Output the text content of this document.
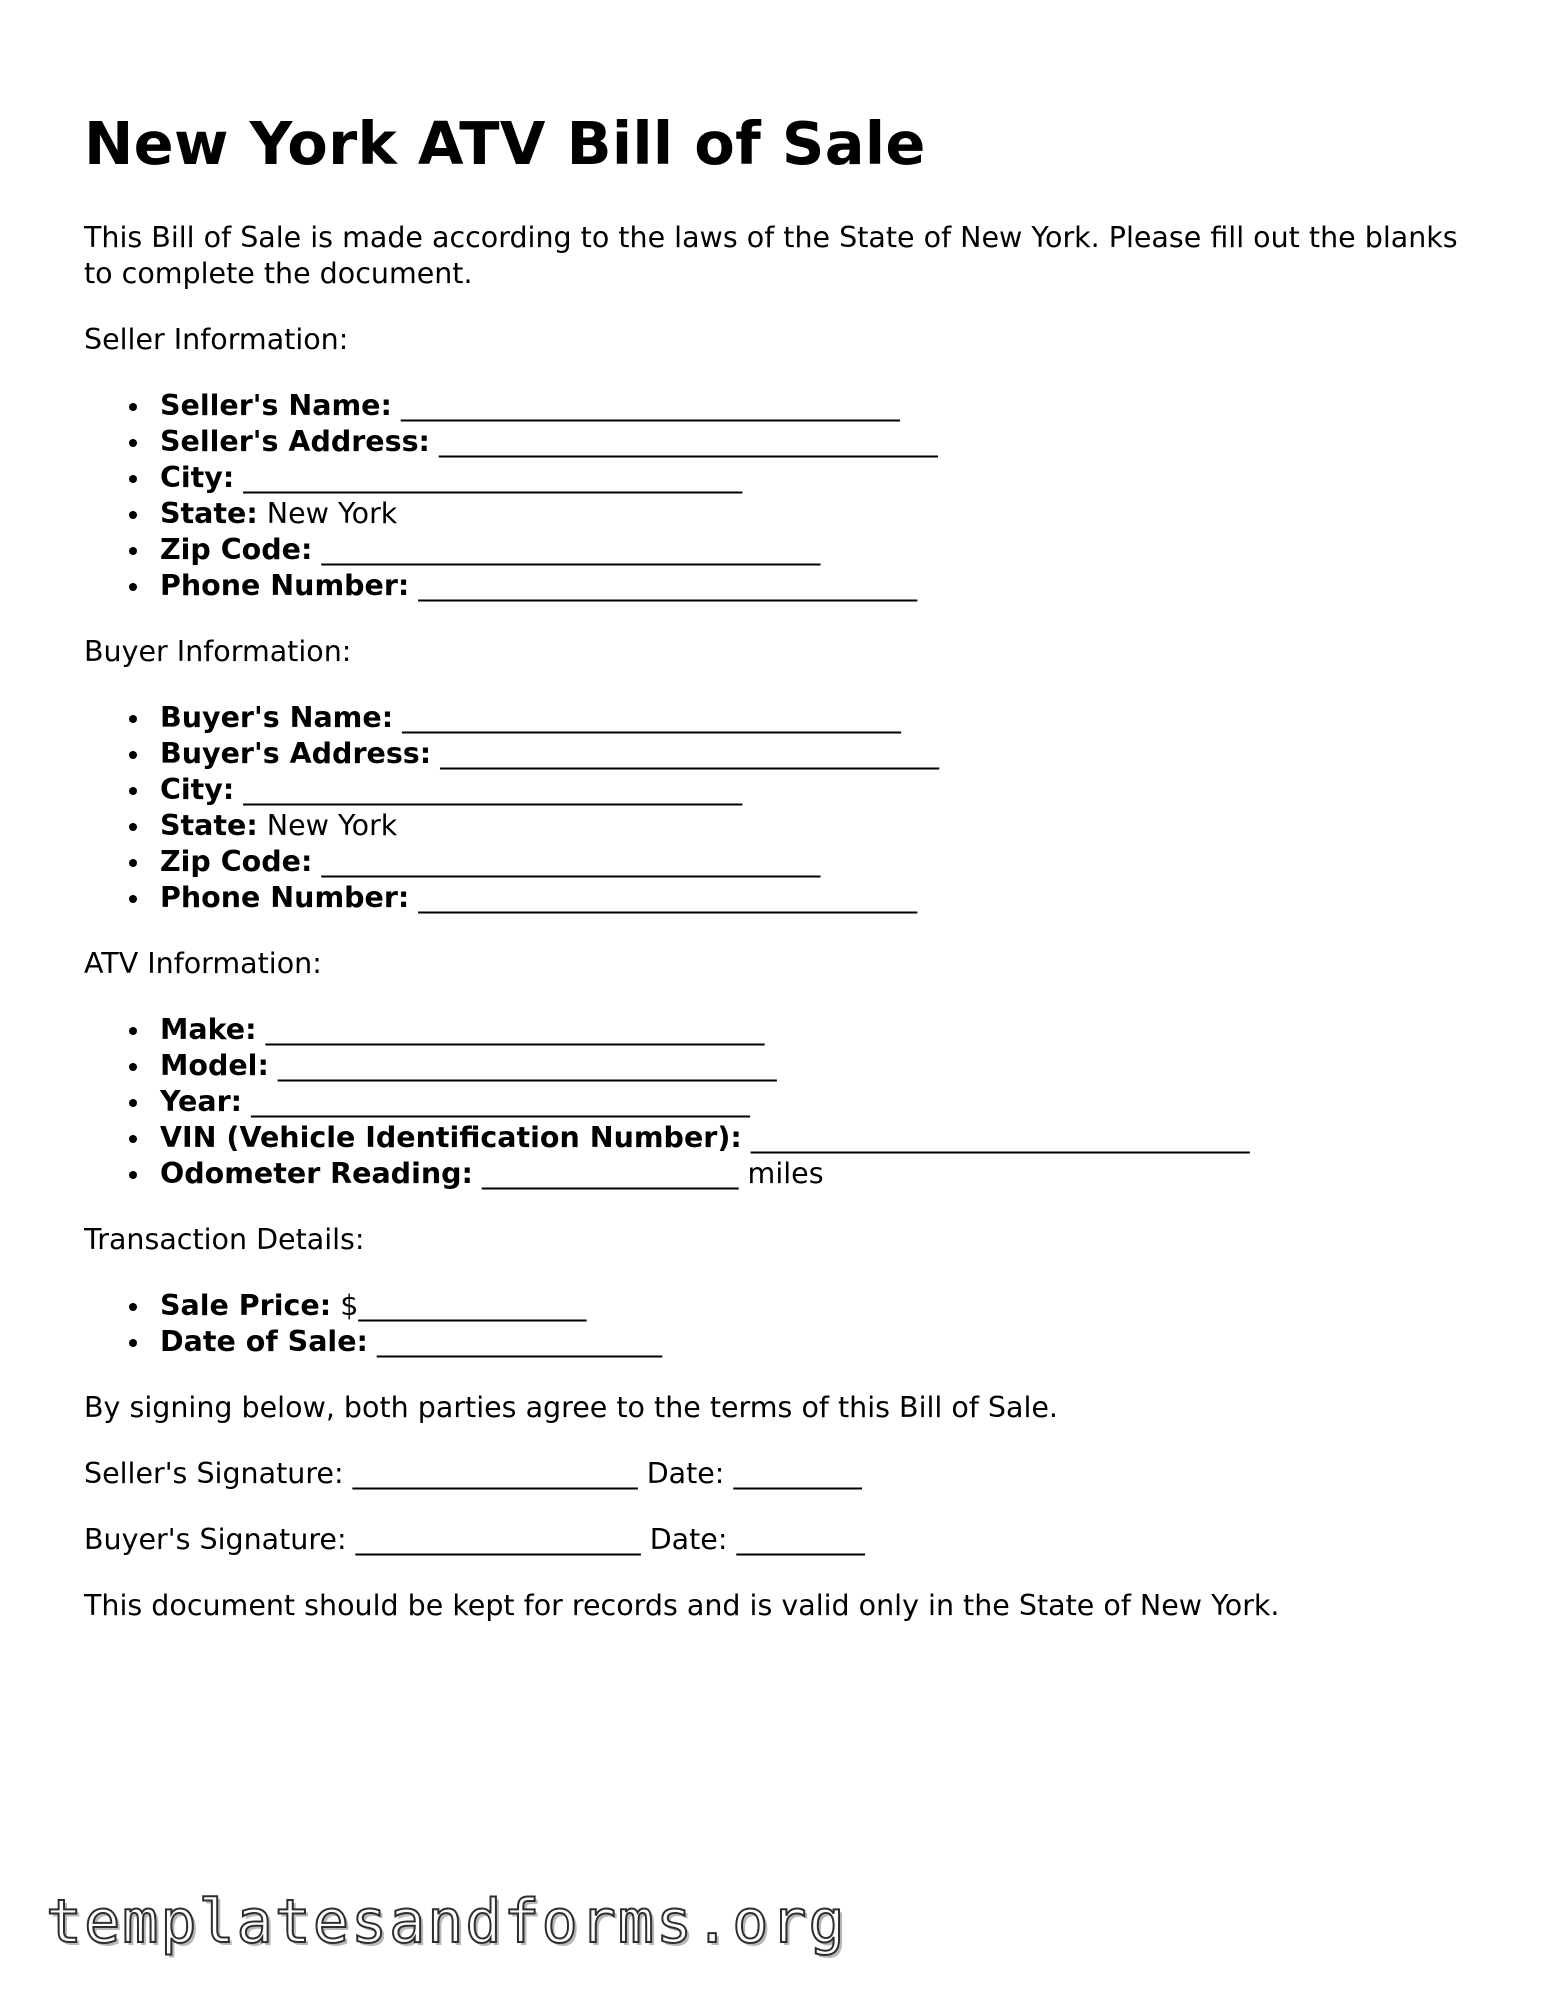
New York ATV Bill of Sale

This Bill of Sale is made according to the laws of the State of New York. Please fill out the blanks to complete the document.

Seller Information:

Seller's Name: ___________________________________
Seller's Address: ___________________________________
City: ___________________________________
State: New York
Zip Code: ___________________________________
Phone Number: ___________________________________

Buyer Information:

Buyer's Name: ___________________________________
Buyer's Address: ___________________________________
City: ___________________________________
State: New York
Zip Code: ___________________________________
Phone Number: ___________________________________

ATV Information:

Make: ___________________________________
Model: ___________________________________
Year: ___________________________________
VIN (Vehicle Identification Number): ___________________________________
Odometer Reading: __________________ miles

Transaction Details:

Sale Price: $________________
Date of Sale: ____________________

By signing below, both parties agree to the terms of this Bill of Sale.

Seller's Signature: ____________________ Date: _________

Buyer's Signature: ____________________ Date: _________

This document should be kept for records and is valid only in the State of New York.

templatesandforms.org
